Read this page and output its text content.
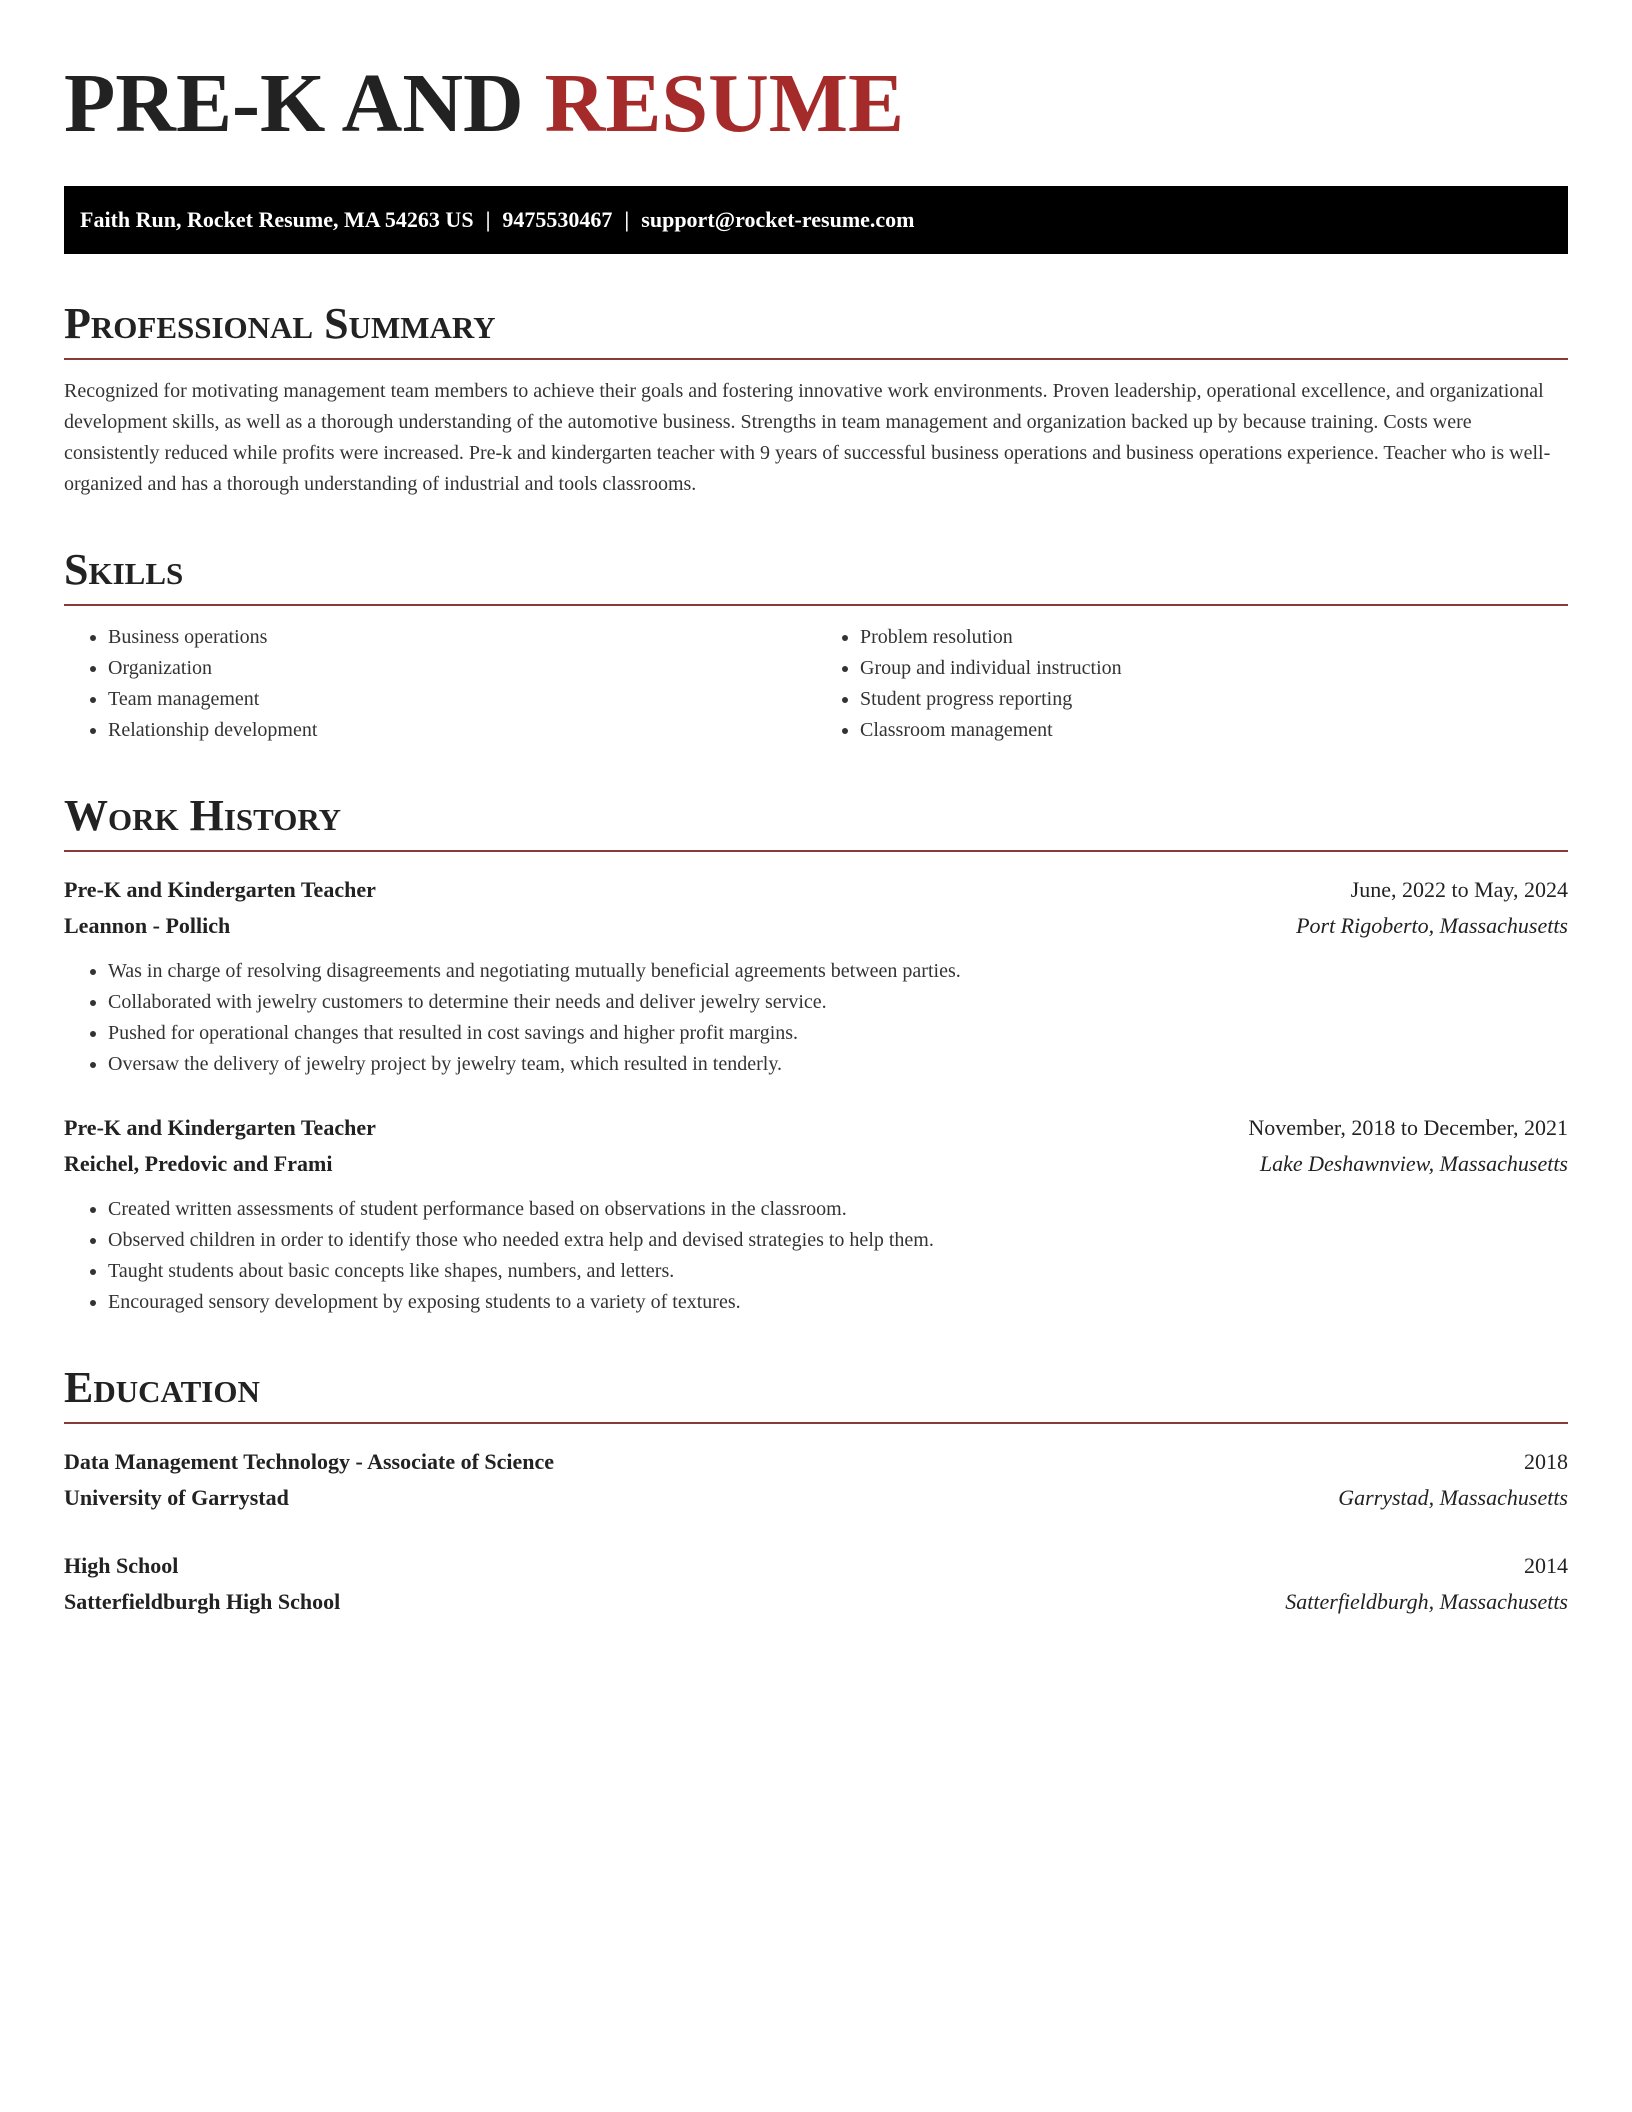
PRE-K AND RESUME
Faith Run, Rocket Resume, MA 54263 US | 9475530467 | support@rocket-resume.com
Professional Summary

Recognized for motivating management team members to achieve their goals and fostering innovative work environments. Proven leadership, operational excellence, and organizational development skills, as well as a thorough understanding of the automotive business. Strengths in team management and organization backed up by because training. Costs were consistently reduced while profits were increased. Pre-k and kindergarten teacher with 9 years of successful business operations and business operations experience. Teacher who is well-organized and has a thorough understanding of industrial and tools classrooms.

Skills
• Business operations
• Organization
• Team management
• Relationship development
• Problem resolution
• Group and individual instruction
• Student progress reporting
• Classroom management
Work History
Pre-K and Kindergarten Teacher	June, 2022 to May, 2024
Leannon - Pollich	Port Rigoberto, Massachusetts
• Was in charge of resolving disagreements and negotiating mutually beneficial agreements between parties.
• Collaborated with jewelry customers to determine their needs and deliver jewelry service.
• Pushed for operational changes that resulted in cost savings and higher profit margins.
• Oversaw the delivery of jewelry project by jewelry team, which resulted in tenderly.
Pre-K and Kindergarten Teacher	November, 2018 to December, 2021
Reichel, Predovic and Frami	Lake Deshawnview, Massachusetts
• Created written assessments of student performance based on observations in the classroom.
• Observed children in order to identify those who needed extra help and devised strategies to help them.
• Taught students about basic concepts like shapes, numbers, and letters.
• Encouraged sensory development by exposing students to a variety of textures.
Education
Data Management Technology - Associate of Science	2018
University of Garrystad	Garrystad, Massachusetts
High School	2014
Satterfieldburgh High School	Satterfieldburgh, Massachusetts
